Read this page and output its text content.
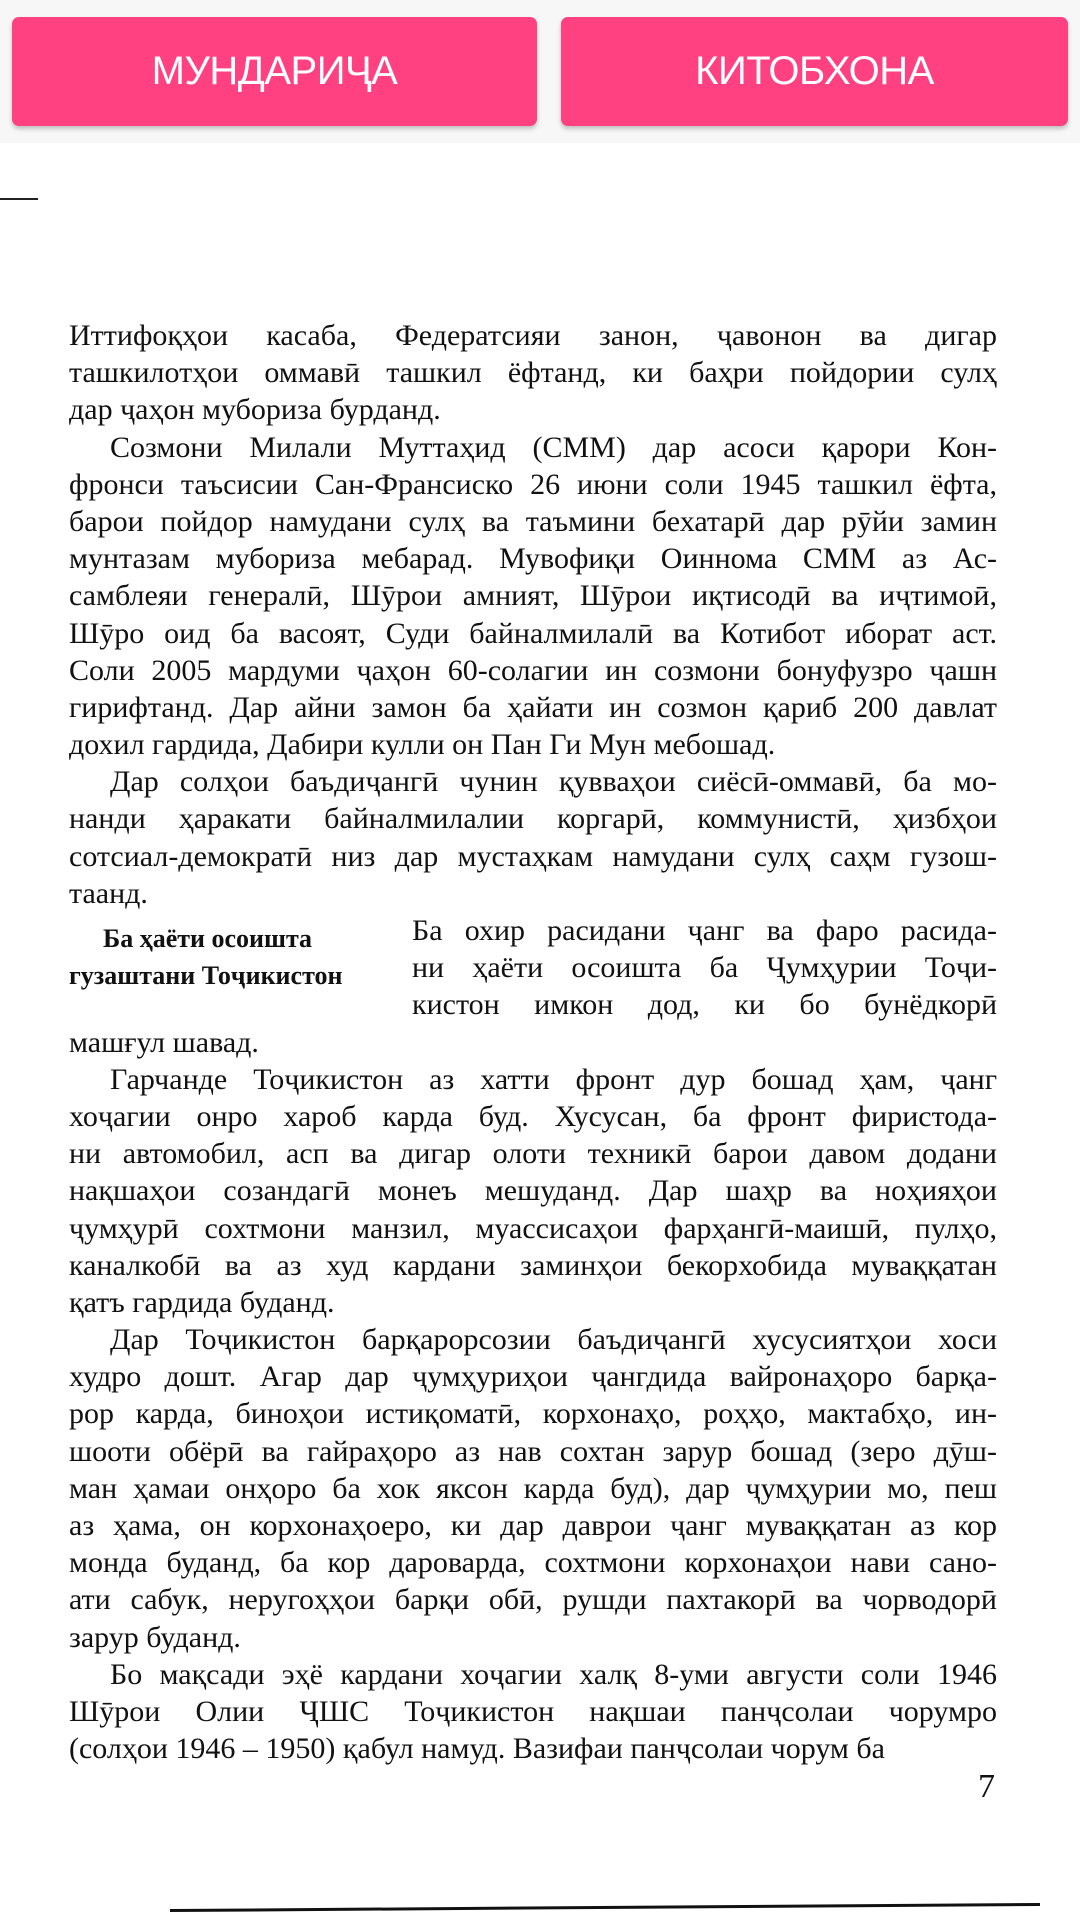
МУНДАРИҶА	КИТОБХОНА
Иттифоқҳои касаба, Федератсияи занон, ҷавонон ва дигар
ташкилотҳои оммавӣ ташкил ёфтанд, ки баҳри пойдории сулҳ
дар ҷаҳон мубориза бурданд.
Созмони Милали Муттаҳид (СММ) дар асоси қарори Кон-
фронси таъсисии Сан-Франсиско 26 июни соли 1945 ташкил ёфта,
барои пойдор намудани сулҳ ва таъмини бехатарӣ дар рӯйи замин
мунтазам мубориза мебарад. Мувофиқи Оиннома СММ аз Ас-
самблеяи генералӣ, Шӯрои амният, Шӯрои иқтисодӣ ва иҷтимоӣ,
Шӯро оид ба васоят, Суди байналмилалӣ ва Котибот иборат аст.
Соли 2005 мардуми ҷаҳон 60-солагии ин созмони бонуфузро ҷашн
гирифтанд. Дар айни замон ба ҳайати ин созмон қариб 200 давлат
дохил гардида, Дабири кулли он Пан Ги Мун мебошад.
Дар солҳои баъдиҷангӣ чунин қувваҳои сиёсӣ-оммавӣ, ба мо-
нанди ҳаракати байналмилалии коргарӣ, коммунистӣ, ҳизбҳои
сотсиал-демократӣ низ дар мустаҳкам намудани сулҳ саҳм гузош-
таанд.
Ба ҳаёти осоишта
гузаштани Тоҷикистон
Ба охир расидани ҷанг ва фаро расида-
ни ҳаёти осоишта ба Ҷумҳурии Тоҷи-
кистон имкон дод, ки бо бунёдкорӣ
машғул шавад.
Гарчанде Тоҷикистон аз хатти фронт дур бошад ҳам, ҷанг
хоҷагии онро хароб карда буд. Хусусан, ба фронт фиристода-
ни автомобил, асп ва дигар олоти техникӣ барои давом додани
нақшаҳои созандагӣ монеъ мешуданд. Дар шаҳр ва ноҳияҳои
ҷумҳурӣ сохтмони манзил, муассисаҳои фарҳангӣ-маишӣ, пулҳо,
каналкобӣ ва аз худ кардани заминҳои бекорхобида муваққатан
қатъ гардида буданд.
Дар Тоҷикистон барқарорсозии баъдиҷангӣ хусусиятҳои хоси
худро дошт. Агар дар ҷумҳуриҳои ҷангдида вайронаҳоро барқа-
рор карда, биноҳои истиқоматӣ, корхонаҳо, роҳҳо, мактабҳо, ин-
шооти обёрӣ ва гайраҳоро аз нав сохтан зарур бошад (зеро дӯш-
ман ҳамаи онҳоро ба хок яксон карда буд), дар ҷумҳурии мо, пеш
аз ҳама, он корхонаҳоеро, ки дар даврои ҷанг муваққатан аз кор
монда буданд, ба кор даровардa, сохтмони корхонаҳои нави сано-
ати сабук, неругоҳҳои барқи обӣ, рушди пахтакорӣ ва чорводорӣ
зарур буданд.
Бо мақсади эҳё кардани хоҷагии халқ 8-уми августи соли 1946
Шӯрои Олии ҶШС Тоҷикистон нақшаи панҷсолаи чорумро
(солҳои 1946 – 1950) қабул намуд. Вазифаи панҷсолаи чорум ба
7
